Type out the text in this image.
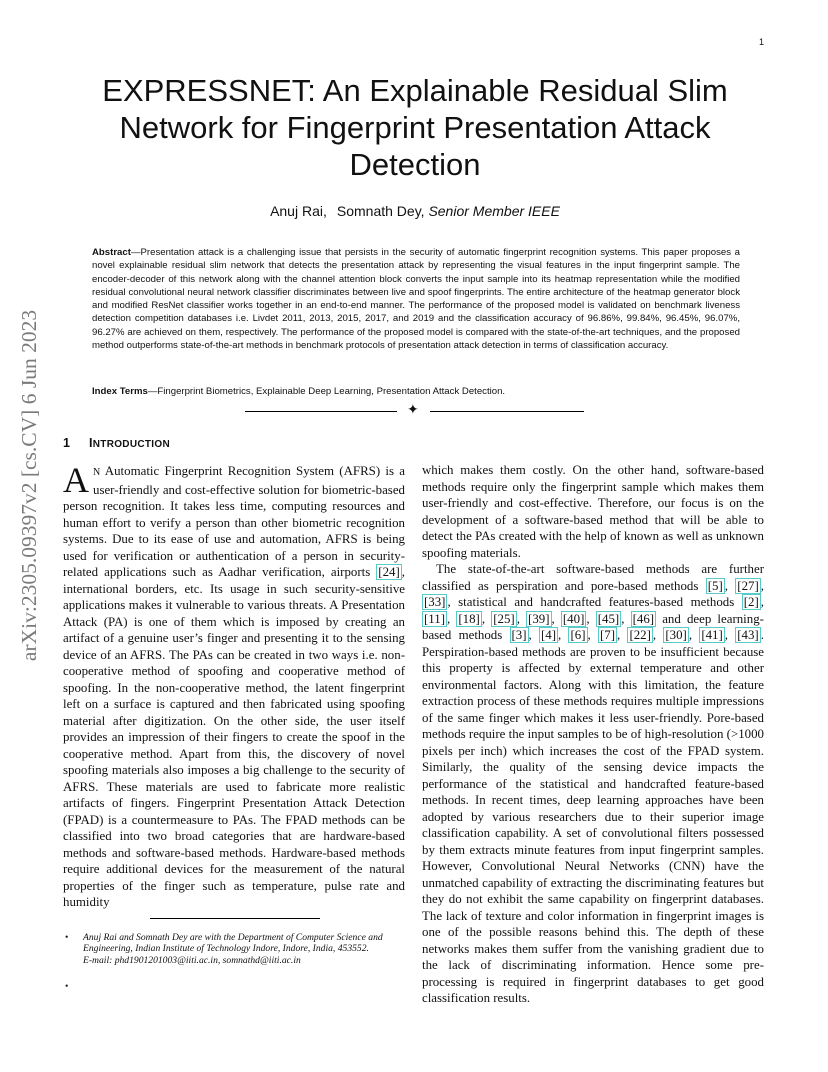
1
EXPRESSNET: An Explainable Residual Slim Network for Fingerprint Presentation Attack Detection
Anuj Rai, Somnath Dey, Senior Member IEEE
arXiv:2305.09397v2 [cs.CV] 6 Jun 2023
Abstract—Presentation attack is a challenging issue that persists in the security of automatic fingerprint recognition systems. This paper proposes a novel explainable residual slim network that detects the presentation attack by representing the visual features in the input fingerprint sample. The encoder-decoder of this network along with the channel attention block converts the input sample into its heatmap representation while the modified residual convolutional neural network classifier discriminates between live and spoof fingerprints. The entire architecture of the heatmap generator block and modified ResNet classifier works together in an end-to-end manner. The performance of the proposed model is validated on benchmark liveness detection competition databases i.e. Livdet 2011, 2013, 2015, 2017, and 2019 and the classification accuracy of 96.86%, 99.84%, 96.45%, 96.07%, 96.27% are achieved on them, respectively. The performance of the proposed model is compared with the state-of-the-art techniques, and the proposed method outperforms state-of-the-art methods in benchmark protocols of presentation attack detection in terms of classification accuracy.
Index Terms—Fingerprint Biometrics, Explainable Deep Learning, Presentation Attack Detection.
✦
1 INTRODUCTION

A N Automatic Fingerprint Recognition System (AFRS) is a user-friendly and cost-effective solution for biometric-based person recognition. It takes less time, computing resources and human effort to verify a person than other biometric recognition systems. Due to its ease of use and automation, AFRS is being used for verification or authentication of a person in security-related applications such as Aadhar verification, airports [24] , international borders, etc. Its usage in such security-sensitive applications makes it vulnerable to various threats. A Presentation Attack (PA) is one of them which is imposed by creating an artifact of a genuine user’s finger and presenting it to the sensing device of an AFRS. The PAs can be created in two ways i.e. non-cooperative method of spoofing and cooperative method of spoofing. In the non-cooperative method, the latent fingerprint left on a surface is captured and then fabricated using spoofing material after digitization. On the other side, the user itself provides an impression of their fingers to create the spoof in the cooperative method. Apart from this, the discovery of novel spoofing materials also imposes a big challenge to the security of AFRS. These materials are used to fabricate more realistic artifacts of fingers. Fingerprint Presentation Attack Detection (FPAD) is a countermeasure to PAs. The FPAD methods can be classified into two broad categories that are hardware-based methods and software-based methods. Hardware-based methods require additional devices for the measurement of the natural properties of the finger such as temperature, pulse rate and humidity

which makes them costly. On the other hand, software-based methods require only the fingerprint sample which makes them user-friendly and cost-effective. Therefore, our focus is on the development of a software-based method that will be able to detect the PAs created with the help of known as well as unknown spoofing materials.

The state-of-the-art software-based methods are further classified as perspiration and pore-based methods [5] , [27] , [33] , statistical and handcrafted features-based methods [2] , [11] , [18] , [25] , [39] , [40] , [45] , [46] and deep learning-based methods [3] , [4] , [6] , [7] , [22] , [30] , [41] , [43] . Perspiration-based methods are proven to be insufficient because this property is affected by external temperature and other environmental factors. Along with this limitation, the feature extraction process of these methods requires multiple impressions of the same finger which makes it less user-friendly. Pore-based methods require the input samples to be of high-resolution (>1000 pixels per inch) which increases the cost of the FPAD system. Similarly, the quality of the sensing device impacts the performance of the statistical and handcrafted feature-based methods. In recent times, deep learning approaches have been adopted by various researchers due to their superior image classification capability. A set of convolutional filters possessed by them extracts minute features from input fingerprint samples. However, Convolutional Neural Networks (CNN) have the unmatched capability of extracting the discriminating features but they do not exhibit the same capability on fingerprint databases. The lack of texture and color information in fingerprint images is one of the possible reasons behind this. The depth of these networks makes them suffer from the vanishing gradient due to the lack of discriminating information. Hence some pre-processing is required in fingerprint databases to get good classification results.

• Anuj Rai and Somnath Dey are with the Department of Computer Science and Engineering, Indian Institute of Technology Indore, Indore, India, 453552.
E-mail: phd1901201003@iiti.ac.in, somnathd@iiti.ac.in
•
